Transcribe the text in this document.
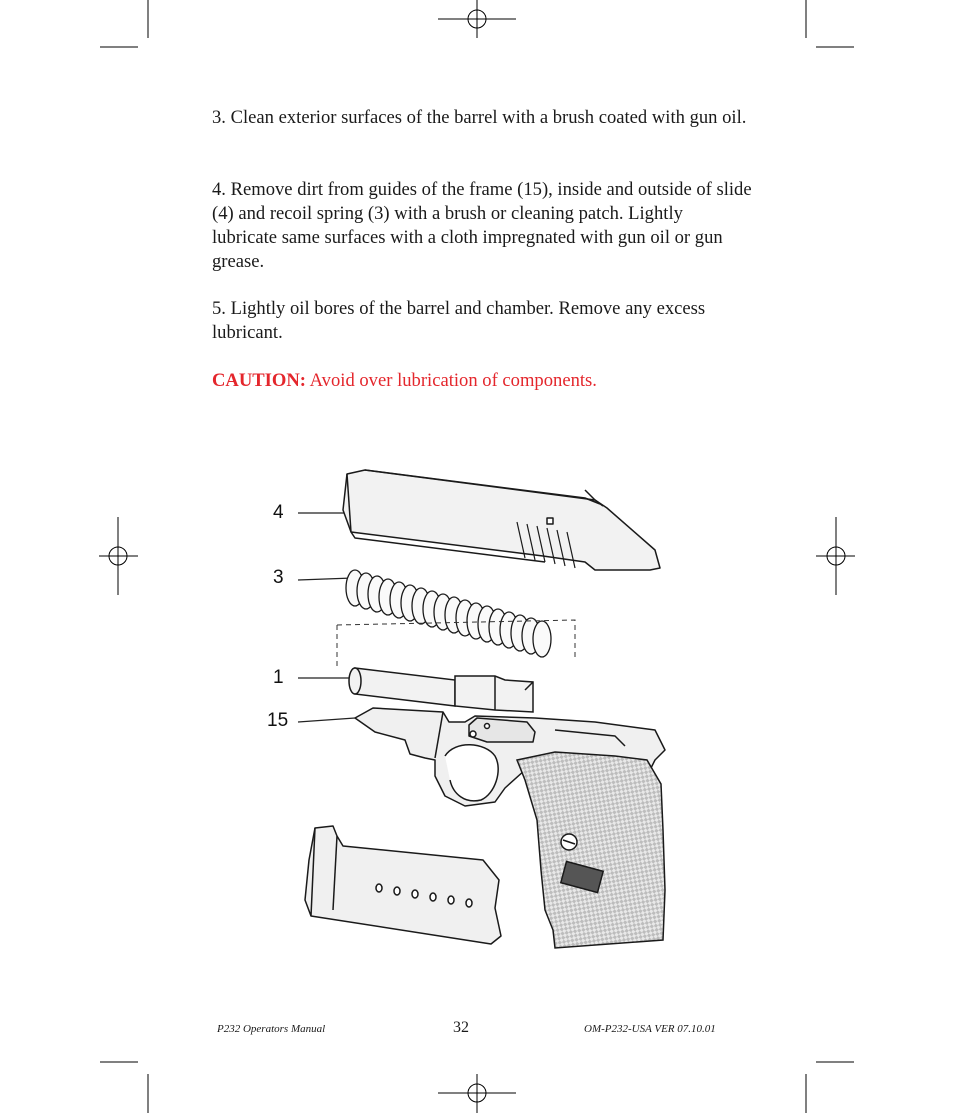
3. Clean exterior surfaces of the barrel with a brush coated with gun oil.

4. Remove dirt from guides of the frame (15), inside and outside of slide (4) and recoil spring (3) with a brush or cleaning patch. Lightly lubricate same surfaces with a cloth impregnated with gun oil or gun grease.

5. Lightly oil bores of the barrel and chamber. Remove any excess lubricant.

CAUTION: Avoid over lubrication of components.

4
3
1
15
P232 Operators Manual	32	OM-P232-USA VER 07.10.01
